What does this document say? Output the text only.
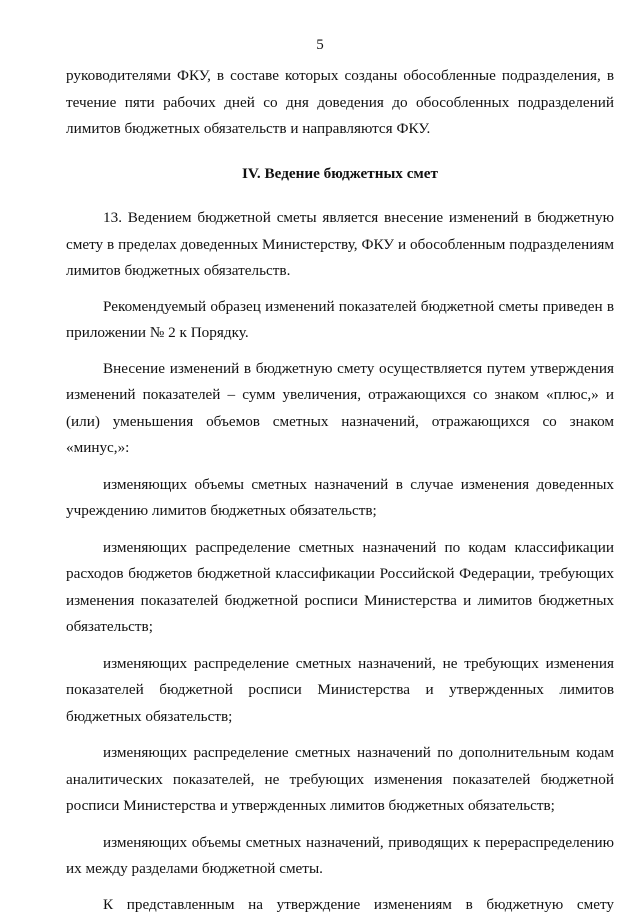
5

руководителями ФКУ, в составе которых созданы обособленные подразделения, в течение пяти рабочих дней со дня доведения до обособленных подразделений лимитов бюджетных обязательств и направляются ФКУ.

IV. Ведение бюджетных смет

13. Ведением бюджетной сметы является внесение изменений в бюджетную смету в пределах доведенных Министерству, ФКУ и обособленным подразделениям лимитов бюджетных обязательств.

Рекомендуемый образец изменений показателей бюджетной сметы приведен в приложении № 2 к Порядку.

Внесение изменений в бюджетную смету осуществляется путем утверждения изменений показателей – сумм увеличения, отражающихся со знаком «плюс,» и (или) уменьшения объемов сметных назначений, отражающихся со знаком «минус,»:

изменяющих объемы сметных назначений в случае изменения доведенных учреждению лимитов бюджетных обязательств;

изменяющих распределение сметных назначений по кодам классификации расходов бюджетов бюджетной классификации Российской Федерации, требующих изменения показателей бюджетной росписи Министерства и лимитов бюджетных обязательств;

изменяющих распределение сметных назначений, не требующих изменения показателей бюджетной росписи Министерства и утвержденных лимитов бюджетных обязательств;

изменяющих распределение сметных назначений по дополнительным кодам аналитических показателей, не требующих изменения показателей бюджетной росписи Министерства и утвержденных лимитов бюджетных обязательств;

изменяющих объемы сметных назначений, приводящих к перераспределению их между разделами бюджетной сметы.

К представленным на утверждение изменениям в бюджетную смету
